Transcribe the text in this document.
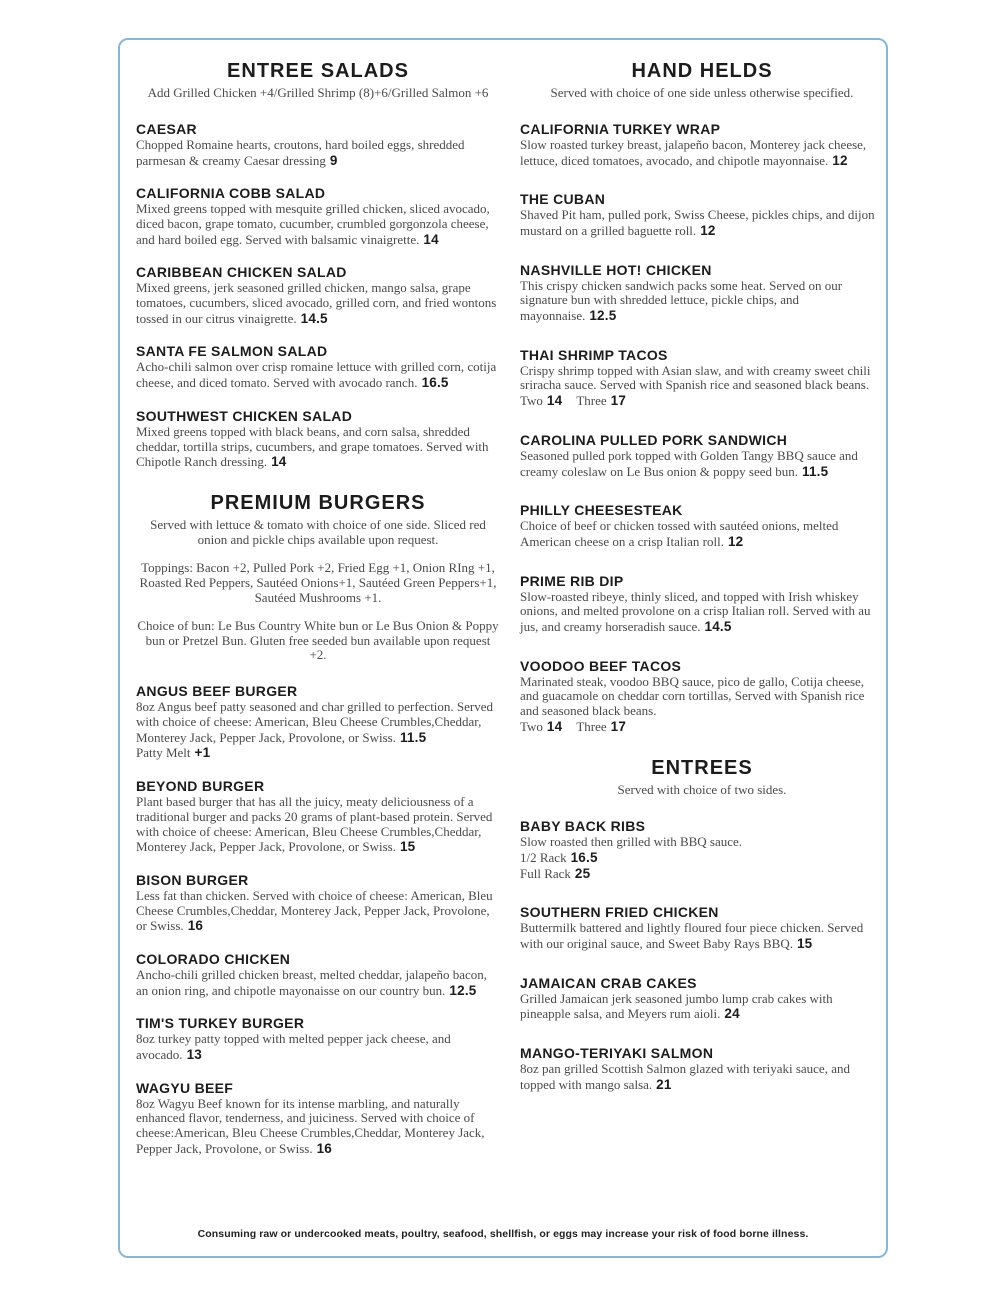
ENTREE SALADS

Add Grilled Chicken +4/Grilled Shrimp (8)+6/Grilled Salmon +6

CAESAR
Chopped Romaine hearts, croutons, hard boiled eggs, shredded parmesan & creamy Caesar dressing 9
CALIFORNIA COBB SALAD
Mixed greens topped with mesquite grilled chicken, sliced avocado, diced bacon, grape tomato, cucumber, crumbled gorgonzola cheese, and hard boiled egg. Served with balsamic vinaigrette. 14
CARIBBEAN CHICKEN SALAD
Mixed greens, jerk seasoned grilled chicken, mango salsa, grape tomatoes, cucumbers, sliced avocado, grilled corn, and fried wontons tossed in our citrus vinaigrette. 14.5
SANTA FE SALMON SALAD
Acho-chili salmon over crisp romaine lettuce with grilled corn, cotija cheese, and diced tomato. Served with avocado ranch. 16.5
SOUTHWEST CHICKEN SALAD
Mixed greens topped with black beans, and corn salsa, shredded cheddar, tortilla strips, cucumbers, and grape tomatoes. Served with Chipotle Ranch dressing. 14
PREMIUM BURGERS

Served with lettuce & tomato with choice of one side. Sliced red onion and pickle chips available upon request.

Toppings: Bacon +2, Pulled Pork +2, Fried Egg +1, Onion RIng +1, Roasted Red Peppers, Sautéed Onions+1, Sautéed Green Peppers+1, Sautéed Mushrooms +1.

Choice of bun: Le Bus Country White bun or Le Bus Onion & Poppy bun or Pretzel Bun. Gluten free seeded bun available upon request +2.

ANGUS BEEF BURGER
8oz Angus beef patty seasoned and char grilled to perfection. Served with choice of cheese: American, Bleu Cheese Crumbles,Cheddar, Monterey Jack, Pepper Jack, Provolone, or Swiss. 11.5
Patty Melt +1
BEYOND BURGER
Plant based burger that has all the juicy, meaty deliciousness of a traditional burger and packs 20 grams of plant-based protein. Served with choice of cheese: American, Bleu Cheese Crumbles,Cheddar, Monterey Jack, Pepper Jack, Provolone, or Swiss. 15
BISON BURGER
Less fat than chicken. Served with choice of cheese: American, Bleu Cheese Crumbles,Cheddar, Monterey Jack, Pepper Jack, Provolone, or Swiss. 16
COLORADO CHICKEN
Ancho-chili grilled chicken breast, melted cheddar, jalapeño bacon, an onion ring, and chipotle mayonaisse on our country bun. 12.5
TIM'S TURKEY BURGER
8oz turkey patty topped with melted pepper jack cheese, and avocado. 13
WAGYU BEEF
8oz Wagyu Beef known for its intense marbling, and naturally enhanced flavor, tenderness, and juiciness. Served with choice of cheese:American, Bleu Cheese Crumbles,Cheddar, Monterey Jack, Pepper Jack, Provolone, or Swiss. 16
HAND HELDS

Served with choice of one side unless otherwise specified.

CALIFORNIA TURKEY WRAP
Slow roasted turkey breast, jalapeño bacon, Monterey jack cheese, lettuce, diced tomatoes, avocado, and chipotle mayonnaise. 12
THE CUBAN
Shaved Pit ham, pulled pork, Swiss Cheese, pickles chips, and dijon mustard on a grilled baguette roll. 12
NASHVILLE HOT! CHICKEN
This crispy chicken sandwich packs some heat. Served on our signature bun with shredded lettuce, pickle chips, and mayonnaise. 12.5
THAI SHRIMP TACOS
Crispy shrimp topped with Asian slaw, and with creamy sweet chili sriracha sauce. Served with Spanish rice and seasoned black beans.
Two 14 Three 17
CAROLINA PULLED PORK SANDWICH
Seasoned pulled pork topped with Golden Tangy BBQ sauce and creamy coleslaw on Le Bus onion & poppy seed bun. 11.5
PHILLY CHEESESTEAK
Choice of beef or chicken tossed with sautéed onions, melted American cheese on a crisp Italian roll. 12
PRIME RIB DIP
Slow-roasted ribeye, thinly sliced, and topped with Irish whiskey onions, and melted provolone on a crisp Italian roll. Served with au jus, and creamy horseradish sauce. 14.5
VOODOO BEEF TACOS
Marinated steak, voodoo BBQ sauce, pico de gallo, Cotija cheese, and guacamole on cheddar corn tortillas, Served with Spanish rice and seasoned black beans.
Two 14 Three 17
ENTREES

Served with choice of two sides.

BABY BACK RIBS
Slow roasted then grilled with BBQ sauce.
1/2 Rack 16.5
Full Rack 25
SOUTHERN FRIED CHICKEN
Buttermilk battered and lightly floured four piece chicken. Served with our original sauce, and Sweet Baby Rays BBQ. 15
JAMAICAN CRAB CAKES
Grilled Jamaican jerk seasoned jumbo lump crab cakes with pineapple salsa, and Meyers rum aioli. 24
MANGO-TERIYAKI SALMON
8oz pan grilled Scottish Salmon glazed with teriyaki sauce, and topped with mango salsa. 21
Consuming raw or undercooked meats, poultry, seafood, shellfish, or eggs may increase your risk of food borne illness.
